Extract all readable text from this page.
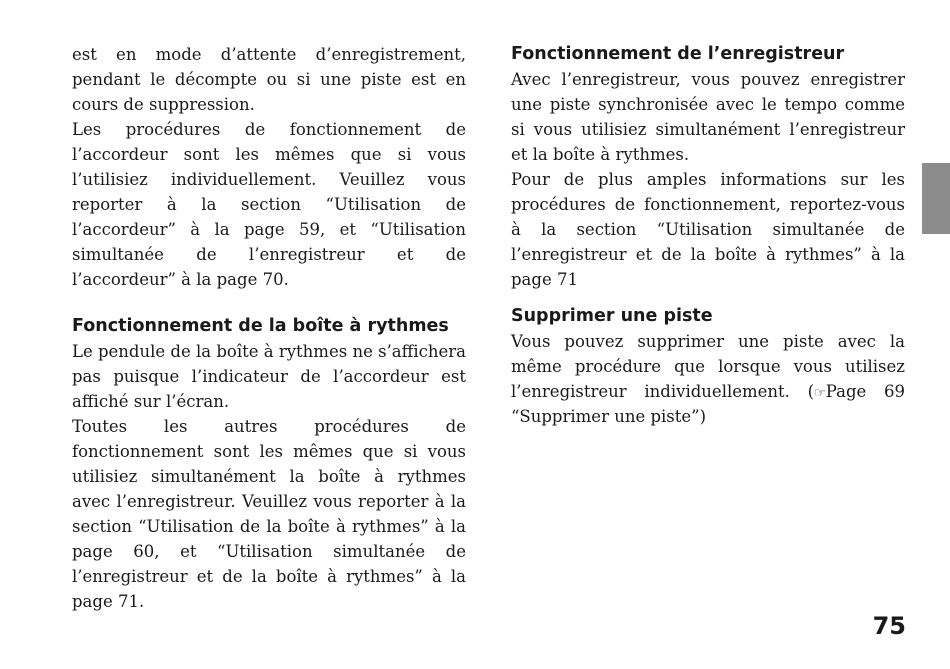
est en mode d’attente d’enregistrement, pendant le décompte ou si une piste est en cours de suppression.

Les procédures de fonctionnement de l’accordeur sont les mêmes que si vous l’utilisiez individuellement. Veuillez vous reporter à la section “Utilisation de l’accordeur” à la page 59, et “Utilisation simultanée de l’enregistreur et de l’accordeur” à la page 70.

Fonctionnement de la boîte à rythmes

Le pendule de la boîte à rythmes ne s’affichera pas puisque l’indicateur de l’accordeur est affiché sur l’écran.

Toutes les autres procédures de fonctionnement sont les mêmes que si vous utilisiez simultanément la boîte à rythmes avec l’enregistreur. Veuillez vous reporter à la section “Utilisation de la boîte à rythmes” à la page 60, et “Utilisation simultanée de l’enregistreur et de la boîte à rythmes” à la page 71.

Fonctionnement de l’enregistreur

Avec l’enregistreur, vous pouvez enregistrer une piste synchronisée avec le tempo comme si vous utilisiez simultanément l’enregistreur et la boîte à rythmes.

Pour de plus amples informations sur les procédures de fonctionnement, reportez-vous à la section “Utilisation simultanée de l’enregistreur et de la boîte à rythmes” à la page 71

Supprimer une piste

Vous pouvez supprimer une piste avec la même procédure que lorsque vous utilisez l’enregistreur individuellement. (☞Page 69 “Supprimer une piste”)

75
